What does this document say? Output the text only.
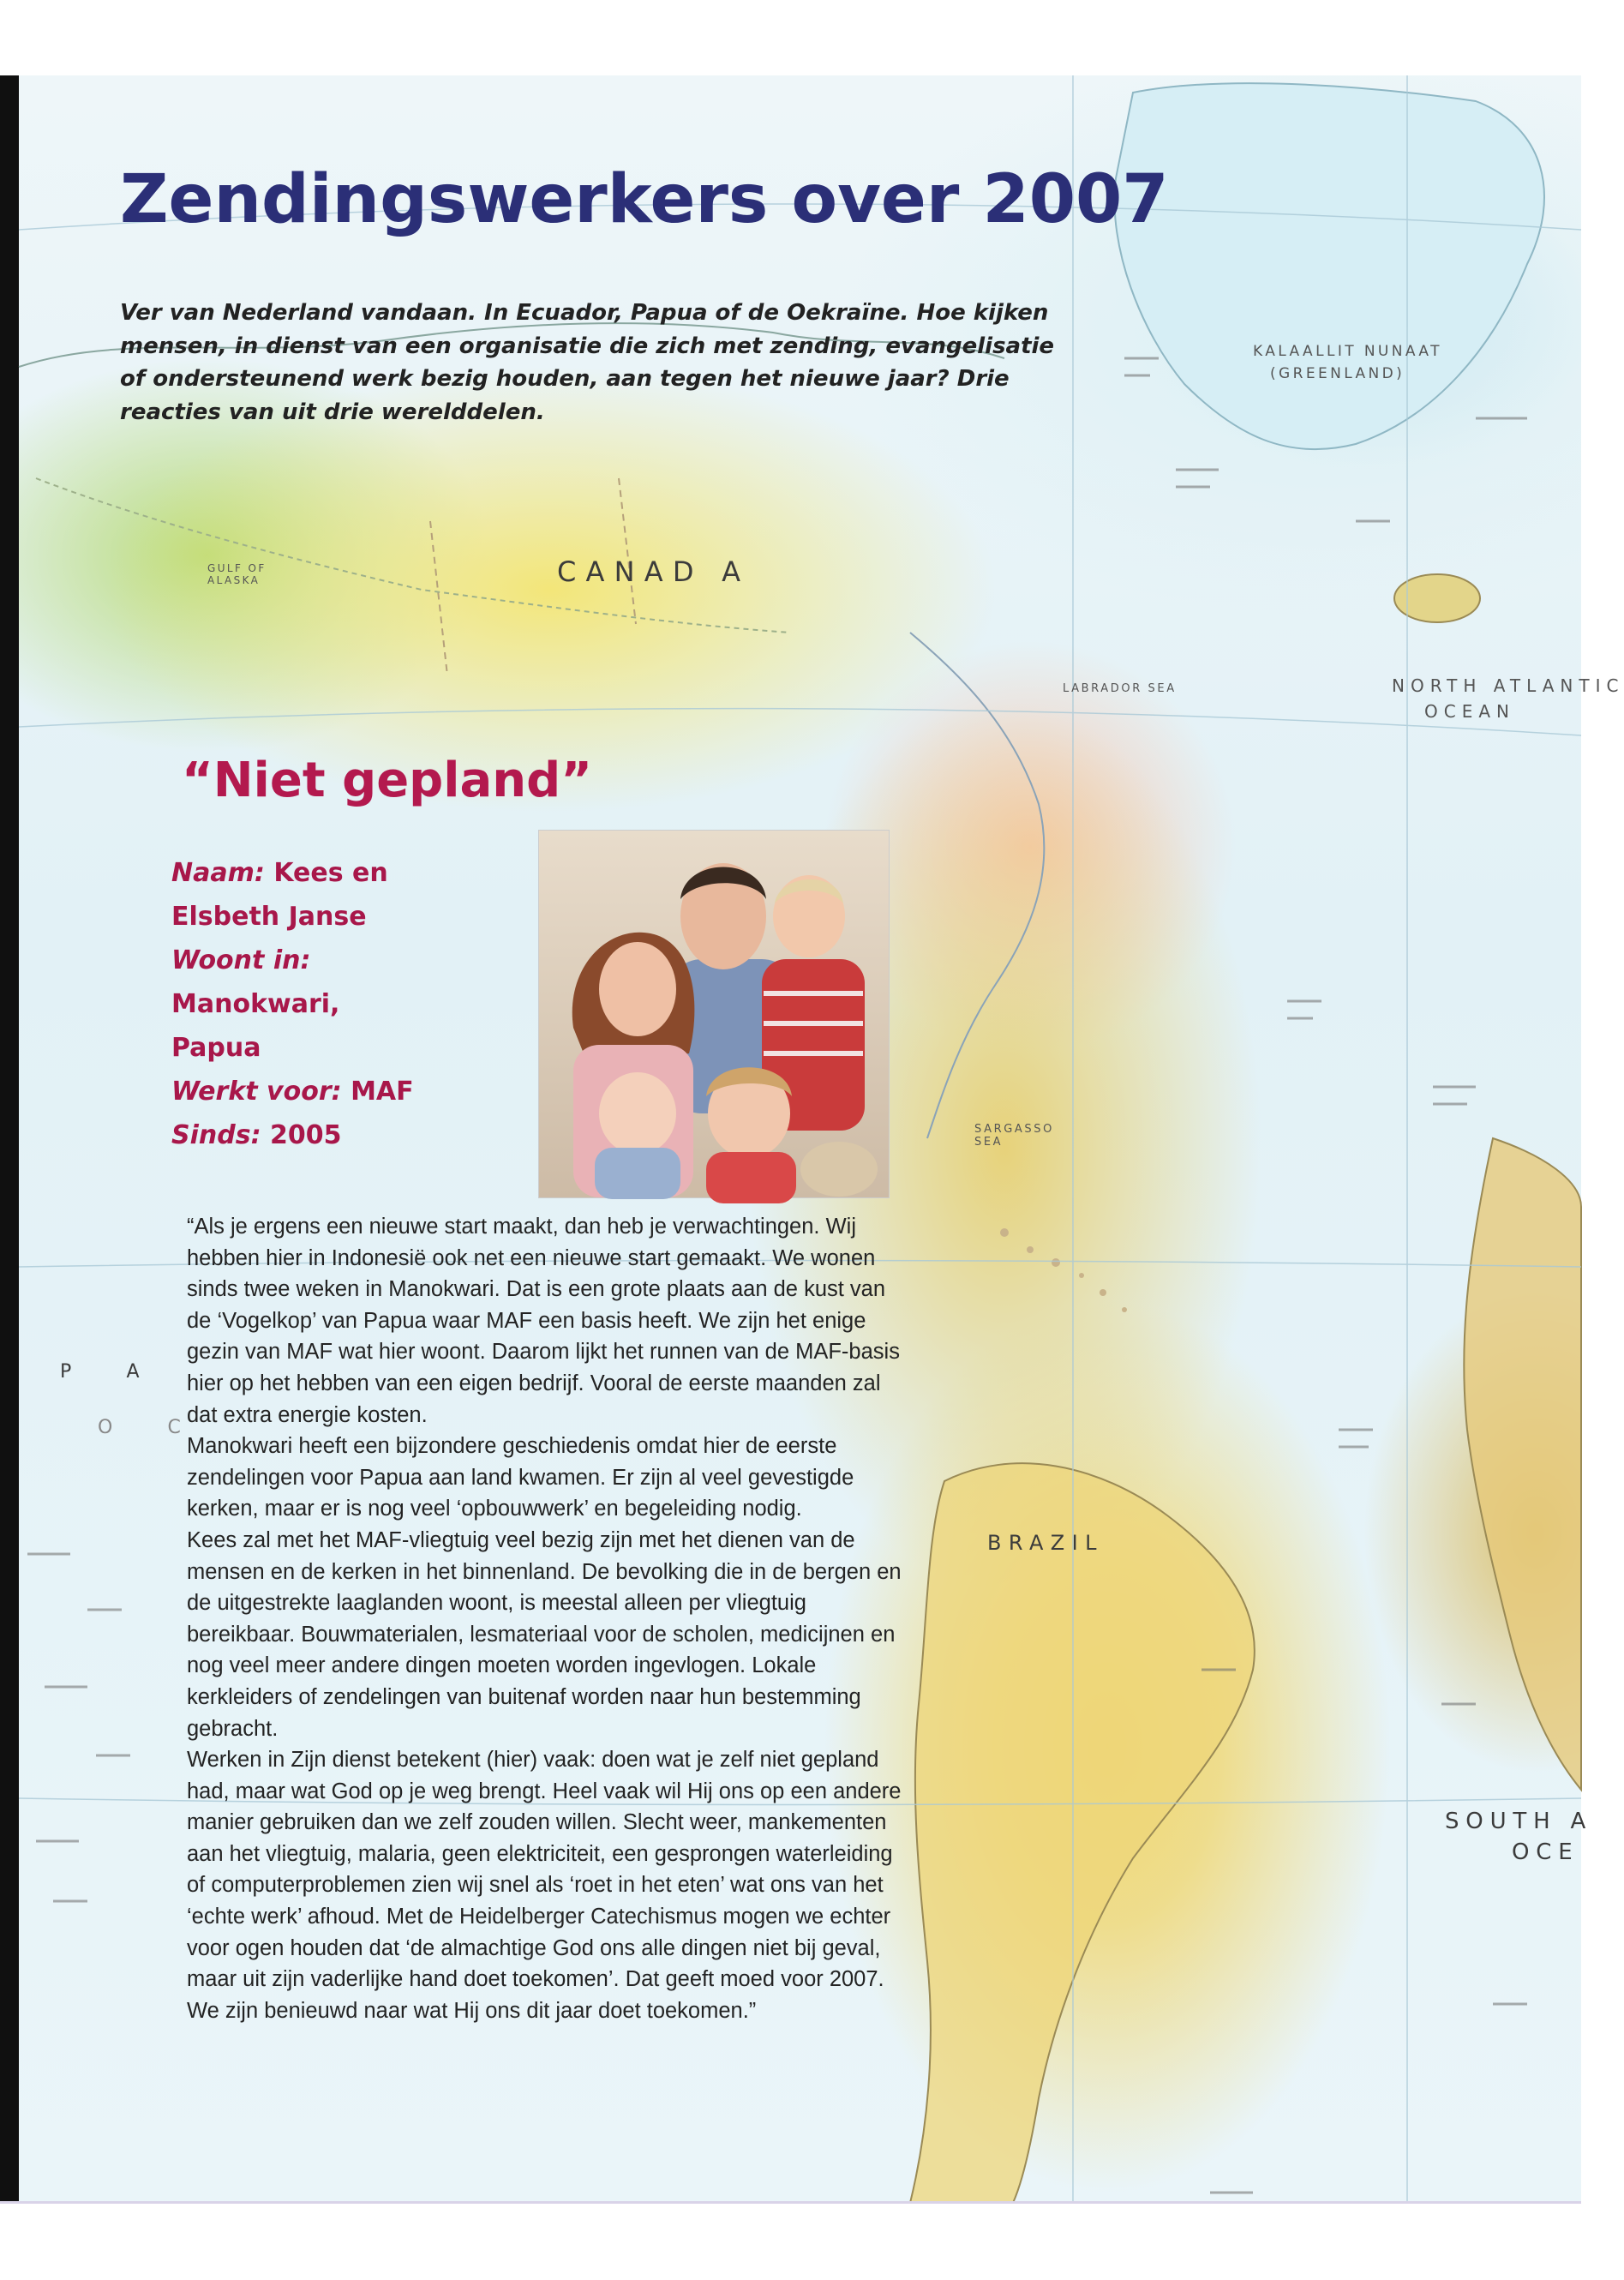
CANAD A
KALAALLIT NUNAAT
(GREENLAND)
NORTH ATLANTIC
OCEAN
LABRADOR SEA
GULF OF ALASKA
SARGASSO SEA
BRAZIL
SOUTH A
OCE
P A
O C
Zendingswerkers over 2007

Ver van Nederland vandaan. In Ecuador, Papua of de Oekraïne. Hoe kijken mensen, in dienst van een organisatie die zich met zending, evangelisatie of ondersteunend werk bezig houden, aan tegen het nieuwe jaar? Drie reacties van uit drie werelddelen.

“Niet gepland”
Naam: Kees en
Elsbeth Janse
Woont in:
Manokwari,
Papua
Werkt voor: MAF
Sinds: 2005

“Als je ergens een nieuwe start maakt, dan heb je verwachtingen. Wij hebben hier in Indonesië ook net een nieuwe start gemaakt. We wonen sinds twee weken in Manokwari. Dat is een grote plaats aan de kust van de ‘Vogelkop’ van Papua waar MAF een basis heeft. We zijn het enige gezin van MAF wat hier woont. Daarom lijkt het runnen van de MAF-basis hier op het hebben van een eigen bedrijf. Vooral de eerste maanden zal dat extra energie kosten.

Manokwari heeft een bijzondere geschiedenis omdat hier de eerste zendelingen voor Papua aan land kwamen. Er zijn al veel gevestigde kerken, maar er is nog veel ‘opbouwwerk’ en begeleiding nodig.

Kees zal met het MAF-vliegtuig veel bezig zijn met het dienen van de mensen en de kerken in het binnenland. De bevolking die in de bergen en de uitgestrekte laaglanden woont, is meestal alleen per vliegtuig bereikbaar. Bouwmaterialen, lesmateriaal voor de scholen, medicijnen en nog veel meer andere dingen moeten worden ingevlogen. Lokale kerkleiders of zendelingen van buitenaf worden naar hun bestemming gebracht.

Werken in Zijn dienst betekent (hier) vaak: doen wat je zelf niet gepland had, maar wat God op je weg brengt. Heel vaak wil Hij ons op een andere manier gebruiken dan we zelf zouden willen. Slecht weer, mankementen aan het vliegtuig, malaria, geen elektriciteit, een gesprongen waterleiding of computerproblemen zien wij snel als ‘roet in het eten’ wat ons van het ‘echte werk’ afhoud. Met de Heidelberger Catechismus mogen we echter voor ogen houden dat ‘de almachtige God ons alle dingen niet bij geval, maar uit zijn vaderlijke hand doet toekomen’. Dat geeft moed voor 2007. We zijn benieuwd naar wat Hij ons dit jaar doet toekomen.”
